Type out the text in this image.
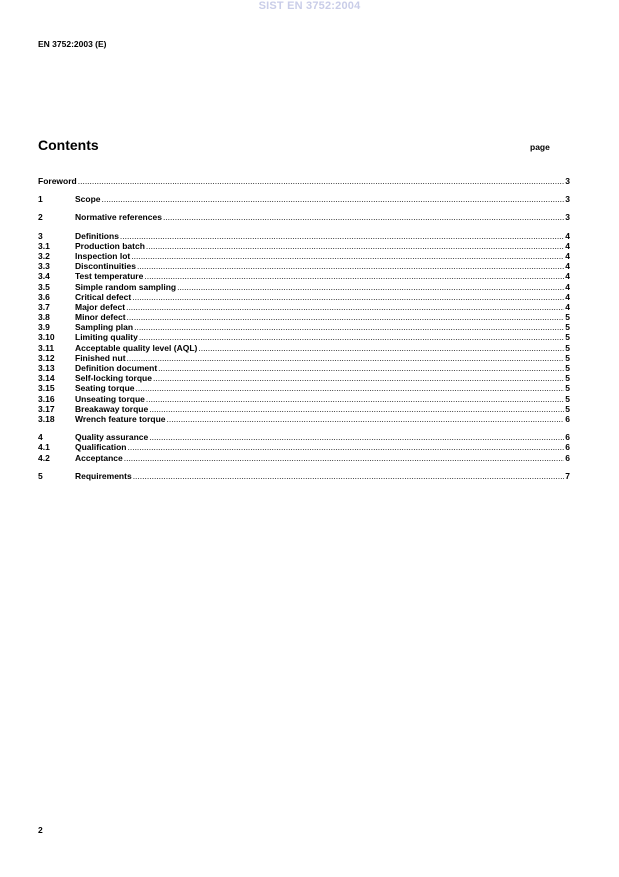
SIST EN 3752:2004
EN 3752:2003 (E)
Contents	page
Foreword .....	3
1	Scope .....	3
2	Normative references .....	3
3	Definitions .....	4
3.1	Production batch .....	4
3.2	Inspection lot .....	4
3.3	Discontinuities .....	4
3.4	Test temperature .....	4
3.5	Simple random sampling .....	4
3.6	Critical defect .....	4
3.7	Major defect .....	4
3.8	Minor defect .....	5
3.9	Sampling plan .....	5
3.10	Limiting quality .....	5
3.11	Acceptable quality level (AQL) .....	5
3.12	Finished nut .....	5
3.13	Definition document .....	5
3.14	Self-locking torque .....	5
3.15	Seating torque .....	5
3.16	Unseating torque .....	5
3.17	Breakaway torque .....	5
3.18	Wrench feature torque .....	6
4	Quality assurance .....	6
4.1	Qualification .....	6
4.2	Acceptance .....	6
5	Requirements .....	7
2
